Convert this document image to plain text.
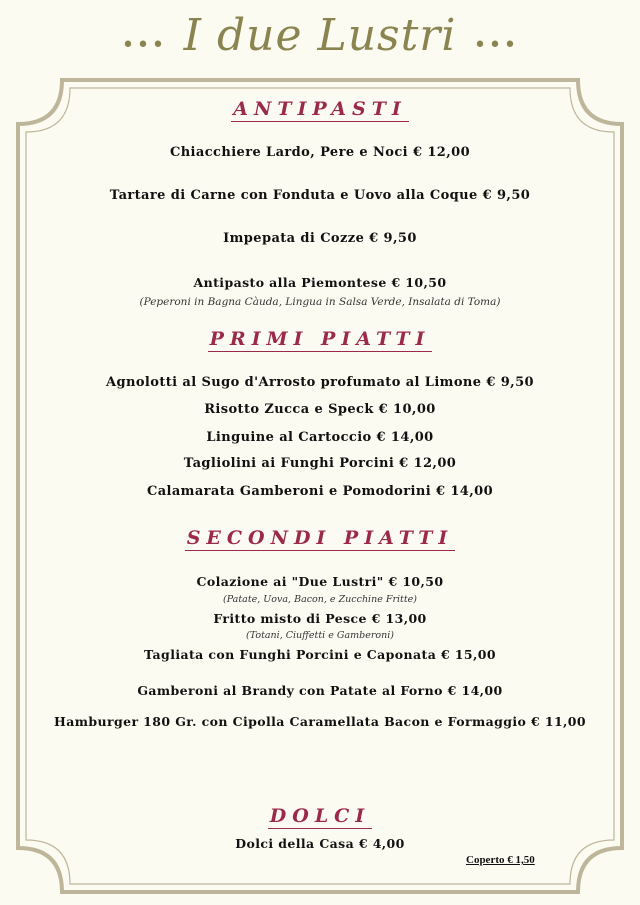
••• I due Lustri •••
ANTIPASTI
Chiacchiere Lardo, Pere e Noci € 12,00
Tartare di Carne con Fonduta e Uovo alla Coque € 9,50
Impepata di Cozze € 9,50
Antipasto alla Piemontese € 10,50
(Peperoni in Bagna Càuda, Lingua in Salsa Verde, Insalata di Toma)
PRIMI PIATTI
Agnolotti al Sugo d'Arrosto profumato al Limone € 9,50
Risotto Zucca e Speck € 10,00
Linguine al Cartoccio € 14,00
Tagliolini ai Funghi Porcini € 12,00
Calamarata Gamberoni e Pomodorini € 14,00
SECONDI PIATTI
Colazione ai "Due Lustri" € 10,50
(Patate, Uova, Bacon, e Zucchine Fritte)
Fritto misto di Pesce € 13,00
(Totani, Ciuffetti e Gamberoni)
Tagliata con Funghi Porcini e Caponata € 15,00
Gamberoni al Brandy con Patate al Forno € 14,00
Hamburger 180 Gr. con Cipolla Caramellata Bacon e Formaggio € 11,00
DOLCI
Dolci della Casa € 4,00
Coperto € 1,50
